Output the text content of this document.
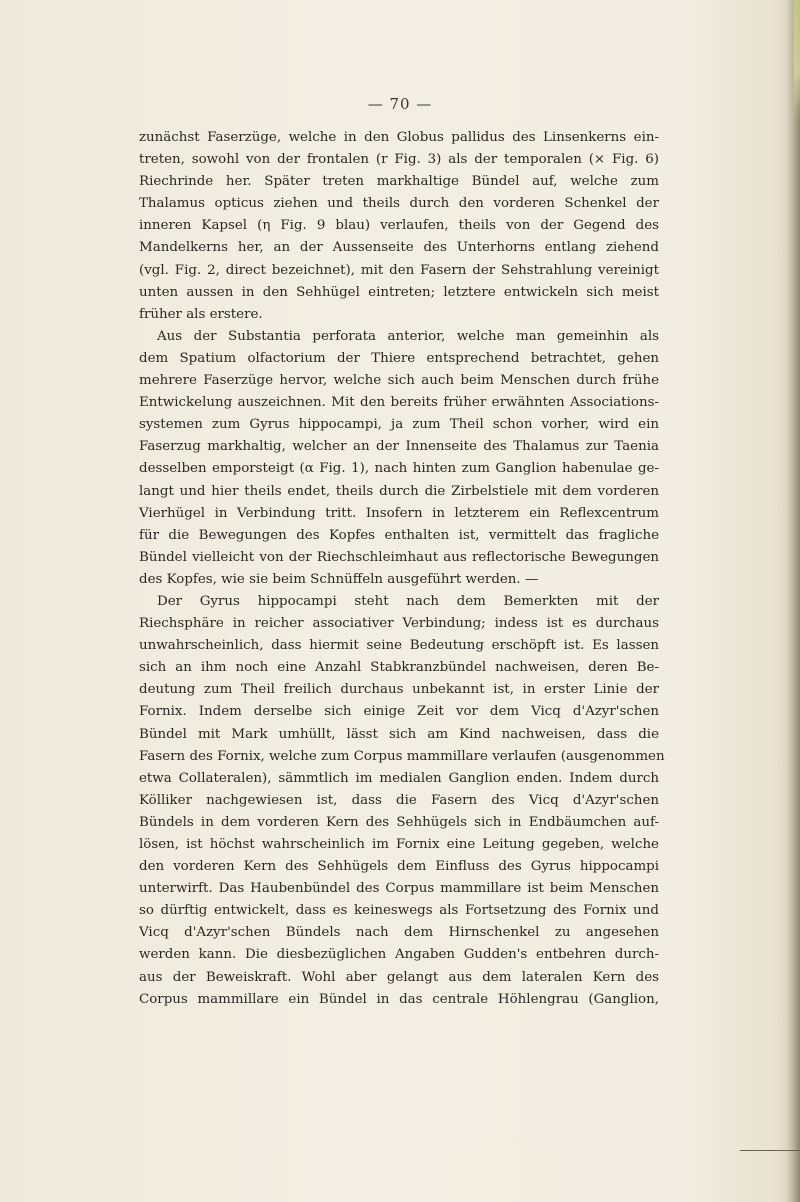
— 70 —
zunächst Faserzüge, welche in den Globus pallidus des Linsenkerns ein-
treten, sowohl von der frontalen (r Fig. 3) als der temporalen (× Fig. 6)
Riechrinde her. Später treten markhaltige Bündel auf, welche zum
Thalamus opticus ziehen und theils durch den vorderen Schenkel der
inneren Kapsel (η Fig. 9 blau) verlaufen, theils von der Gegend des
Mandelkerns her, an der Aussenseite des Unterhorns entlang ziehend
(vgl. Fig. 2, direct bezeichnet), mit den Fasern der Sehstrahlung vereinigt
unten aussen in den Sehhügel eintreten; letztere entwickeln sich meist
früher als erstere.
Aus der Substantia perforata anterior, welche man gemeinhin als
dem Spatium olfactorium der Thiere entsprechend betrachtet, gehen
mehrere Faserzüge hervor, welche sich auch beim Menschen durch frühe
Entwickelung auszeichnen. Mit den bereits früher erwähnten Associations-
systemen zum Gyrus hippocampi, ja zum Theil schon vorher, wird ein
Faserzug markhaltig, welcher an der Innenseite des Thalamus zur Taenia
desselben emporsteigt (α Fig. 1), nach hinten zum Ganglion habenulae ge-
langt und hier theils endet, theils durch die Zirbelstiele mit dem vorderen
Vierhügel in Verbindung tritt. Insofern in letzterem ein Reflexcentrum
für die Bewegungen des Kopfes enthalten ist, vermittelt das fragliche
Bündel vielleicht von der Riechschleimhaut aus reflectorische Bewegungen
des Kopfes, wie sie beim Schnüffeln ausgeführt werden. —
Der Gyrus hippocampi steht nach dem Bemerkten mit der
Riechsphäre in reicher associativer Verbindung; indess ist es durchaus
unwahrscheinlich, dass hiermit seine Bedeutung erschöpft ist. Es lassen
sich an ihm noch eine Anzahl Stabkranzbündel nachweisen, deren Be-
deutung zum Theil freilich durchaus unbekannt ist, in erster Linie der
Fornix. Indem derselbe sich einige Zeit vor dem Vicq d'Azyr'schen
Bündel mit Mark umhüllt, lässt sich am Kind nachweisen, dass die
Fasern des Fornix, welche zum Corpus mammillare verlaufen (ausgenommen
etwa Collateralen), sämmtlich im medialen Ganglion enden. Indem durch
Kölliker nachgewiesen ist, dass die Fasern des Vicq d'Azyr'schen
Bündels in dem vorderen Kern des Sehhügels sich in Endbäumchen auf-
lösen, ist höchst wahrscheinlich im Fornix eine Leitung gegeben, welche
den vorderen Kern des Sehhügels dem Einfluss des Gyrus hippocampi
unterwirft. Das Haubenbündel des Corpus mammillare ist beim Menschen
so dürftig entwickelt, dass es keineswegs als Fortsetzung des Fornix und
Vicq d'Azyr'schen Bündels nach dem Hirnschenkel zu angesehen
werden kann. Die diesbezüglichen Angaben Gudden's entbehren durch-
aus der Beweiskraft. Wohl aber gelangt aus dem lateralen Kern des
Corpus mammillare ein Bündel in das centrale Höhlengrau (Ganglion,
